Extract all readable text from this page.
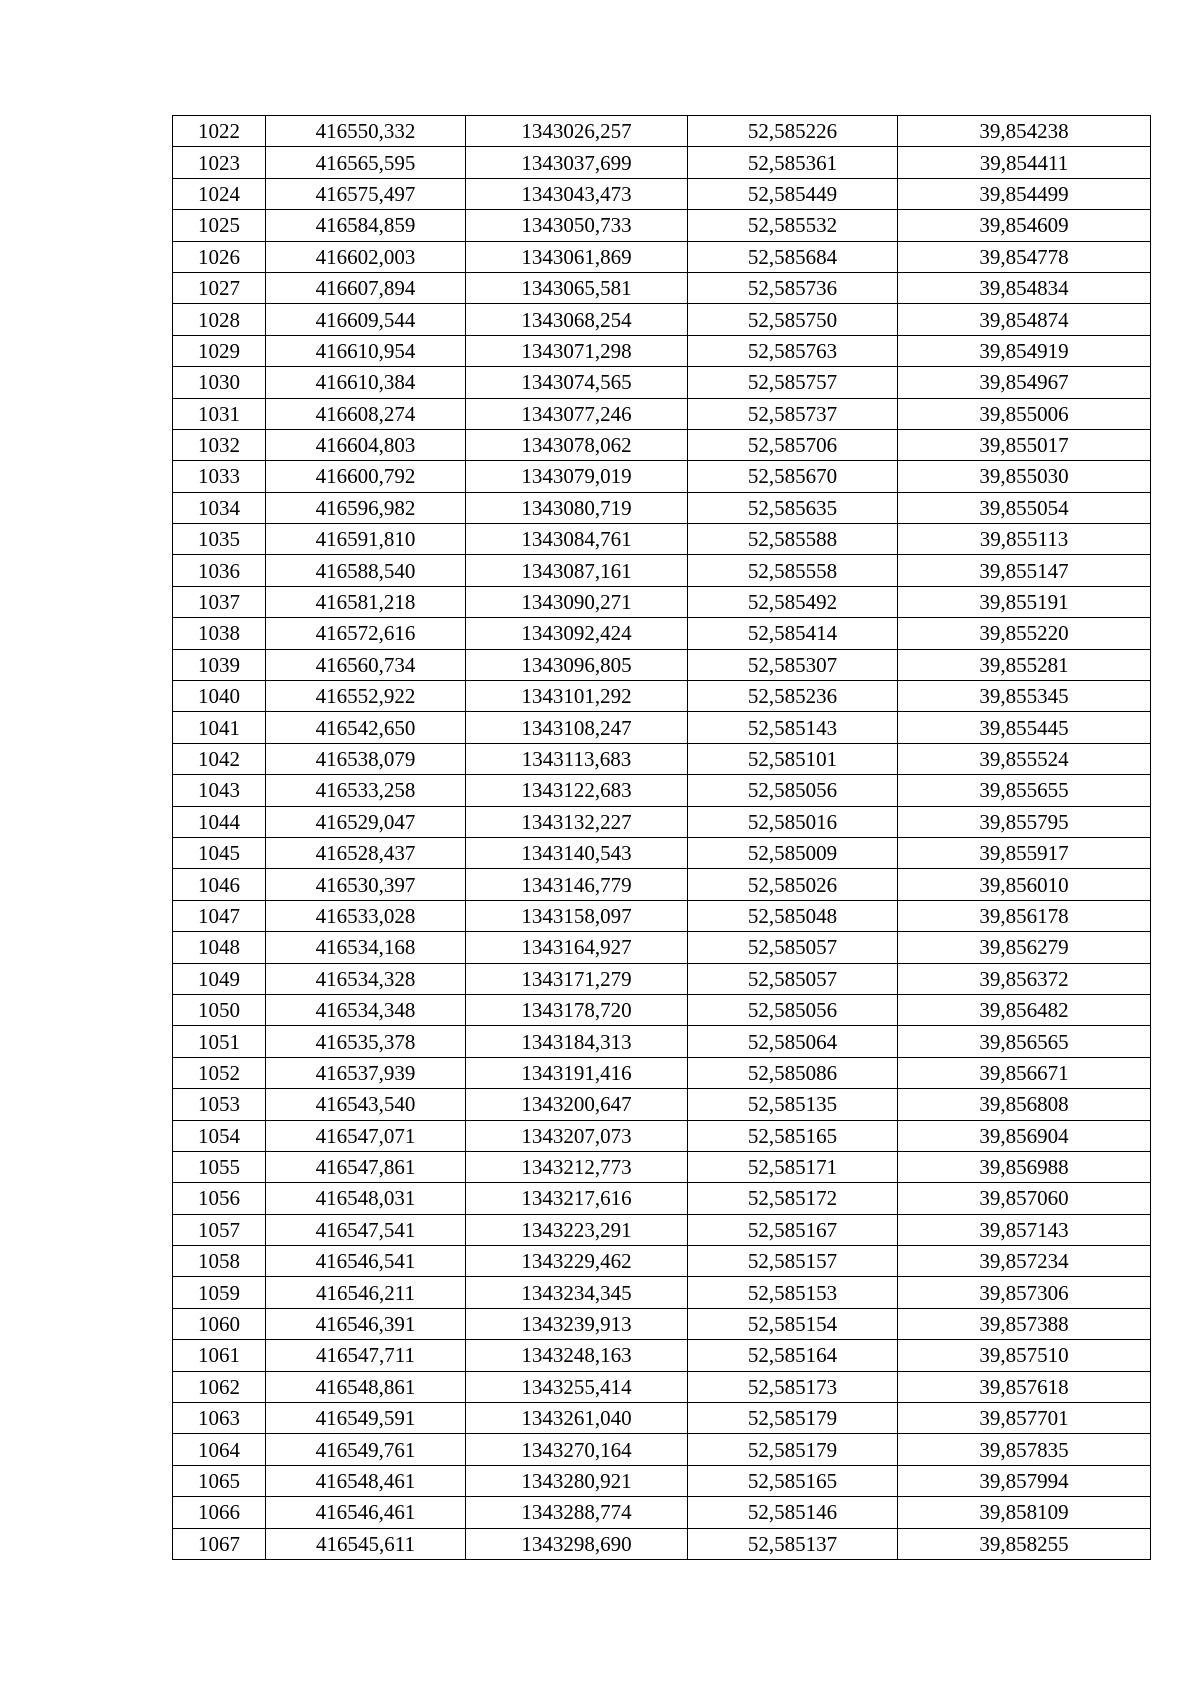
1022	416550,332	1343026,257	52,585226	39,854238
1023	416565,595	1343037,699	52,585361	39,854411
1024	416575,497	1343043,473	52,585449	39,854499
1025	416584,859	1343050,733	52,585532	39,854609
1026	416602,003	1343061,869	52,585684	39,854778
1027	416607,894	1343065,581	52,585736	39,854834
1028	416609,544	1343068,254	52,585750	39,854874
1029	416610,954	1343071,298	52,585763	39,854919
1030	416610,384	1343074,565	52,585757	39,854967
1031	416608,274	1343077,246	52,585737	39,855006
1032	416604,803	1343078,062	52,585706	39,855017
1033	416600,792	1343079,019	52,585670	39,855030
1034	416596,982	1343080,719	52,585635	39,855054
1035	416591,810	1343084,761	52,585588	39,855113
1036	416588,540	1343087,161	52,585558	39,855147
1037	416581,218	1343090,271	52,585492	39,855191
1038	416572,616	1343092,424	52,585414	39,855220
1039	416560,734	1343096,805	52,585307	39,855281
1040	416552,922	1343101,292	52,585236	39,855345
1041	416542,650	1343108,247	52,585143	39,855445
1042	416538,079	1343113,683	52,585101	39,855524
1043	416533,258	1343122,683	52,585056	39,855655
1044	416529,047	1343132,227	52,585016	39,855795
1045	416528,437	1343140,543	52,585009	39,855917
1046	416530,397	1343146,779	52,585026	39,856010
1047	416533,028	1343158,097	52,585048	39,856178
1048	416534,168	1343164,927	52,585057	39,856279
1049	416534,328	1343171,279	52,585057	39,856372
1050	416534,348	1343178,720	52,585056	39,856482
1051	416535,378	1343184,313	52,585064	39,856565
1052	416537,939	1343191,416	52,585086	39,856671
1053	416543,540	1343200,647	52,585135	39,856808
1054	416547,071	1343207,073	52,585165	39,856904
1055	416547,861	1343212,773	52,585171	39,856988
1056	416548,031	1343217,616	52,585172	39,857060
1057	416547,541	1343223,291	52,585167	39,857143
1058	416546,541	1343229,462	52,585157	39,857234
1059	416546,211	1343234,345	52,585153	39,857306
1060	416546,391	1343239,913	52,585154	39,857388
1061	416547,711	1343248,163	52,585164	39,857510
1062	416548,861	1343255,414	52,585173	39,857618
1063	416549,591	1343261,040	52,585179	39,857701
1064	416549,761	1343270,164	52,585179	39,857835
1065	416548,461	1343280,921	52,585165	39,857994
1066	416546,461	1343288,774	52,585146	39,858109
1067	416545,611	1343298,690	52,585137	39,858255
